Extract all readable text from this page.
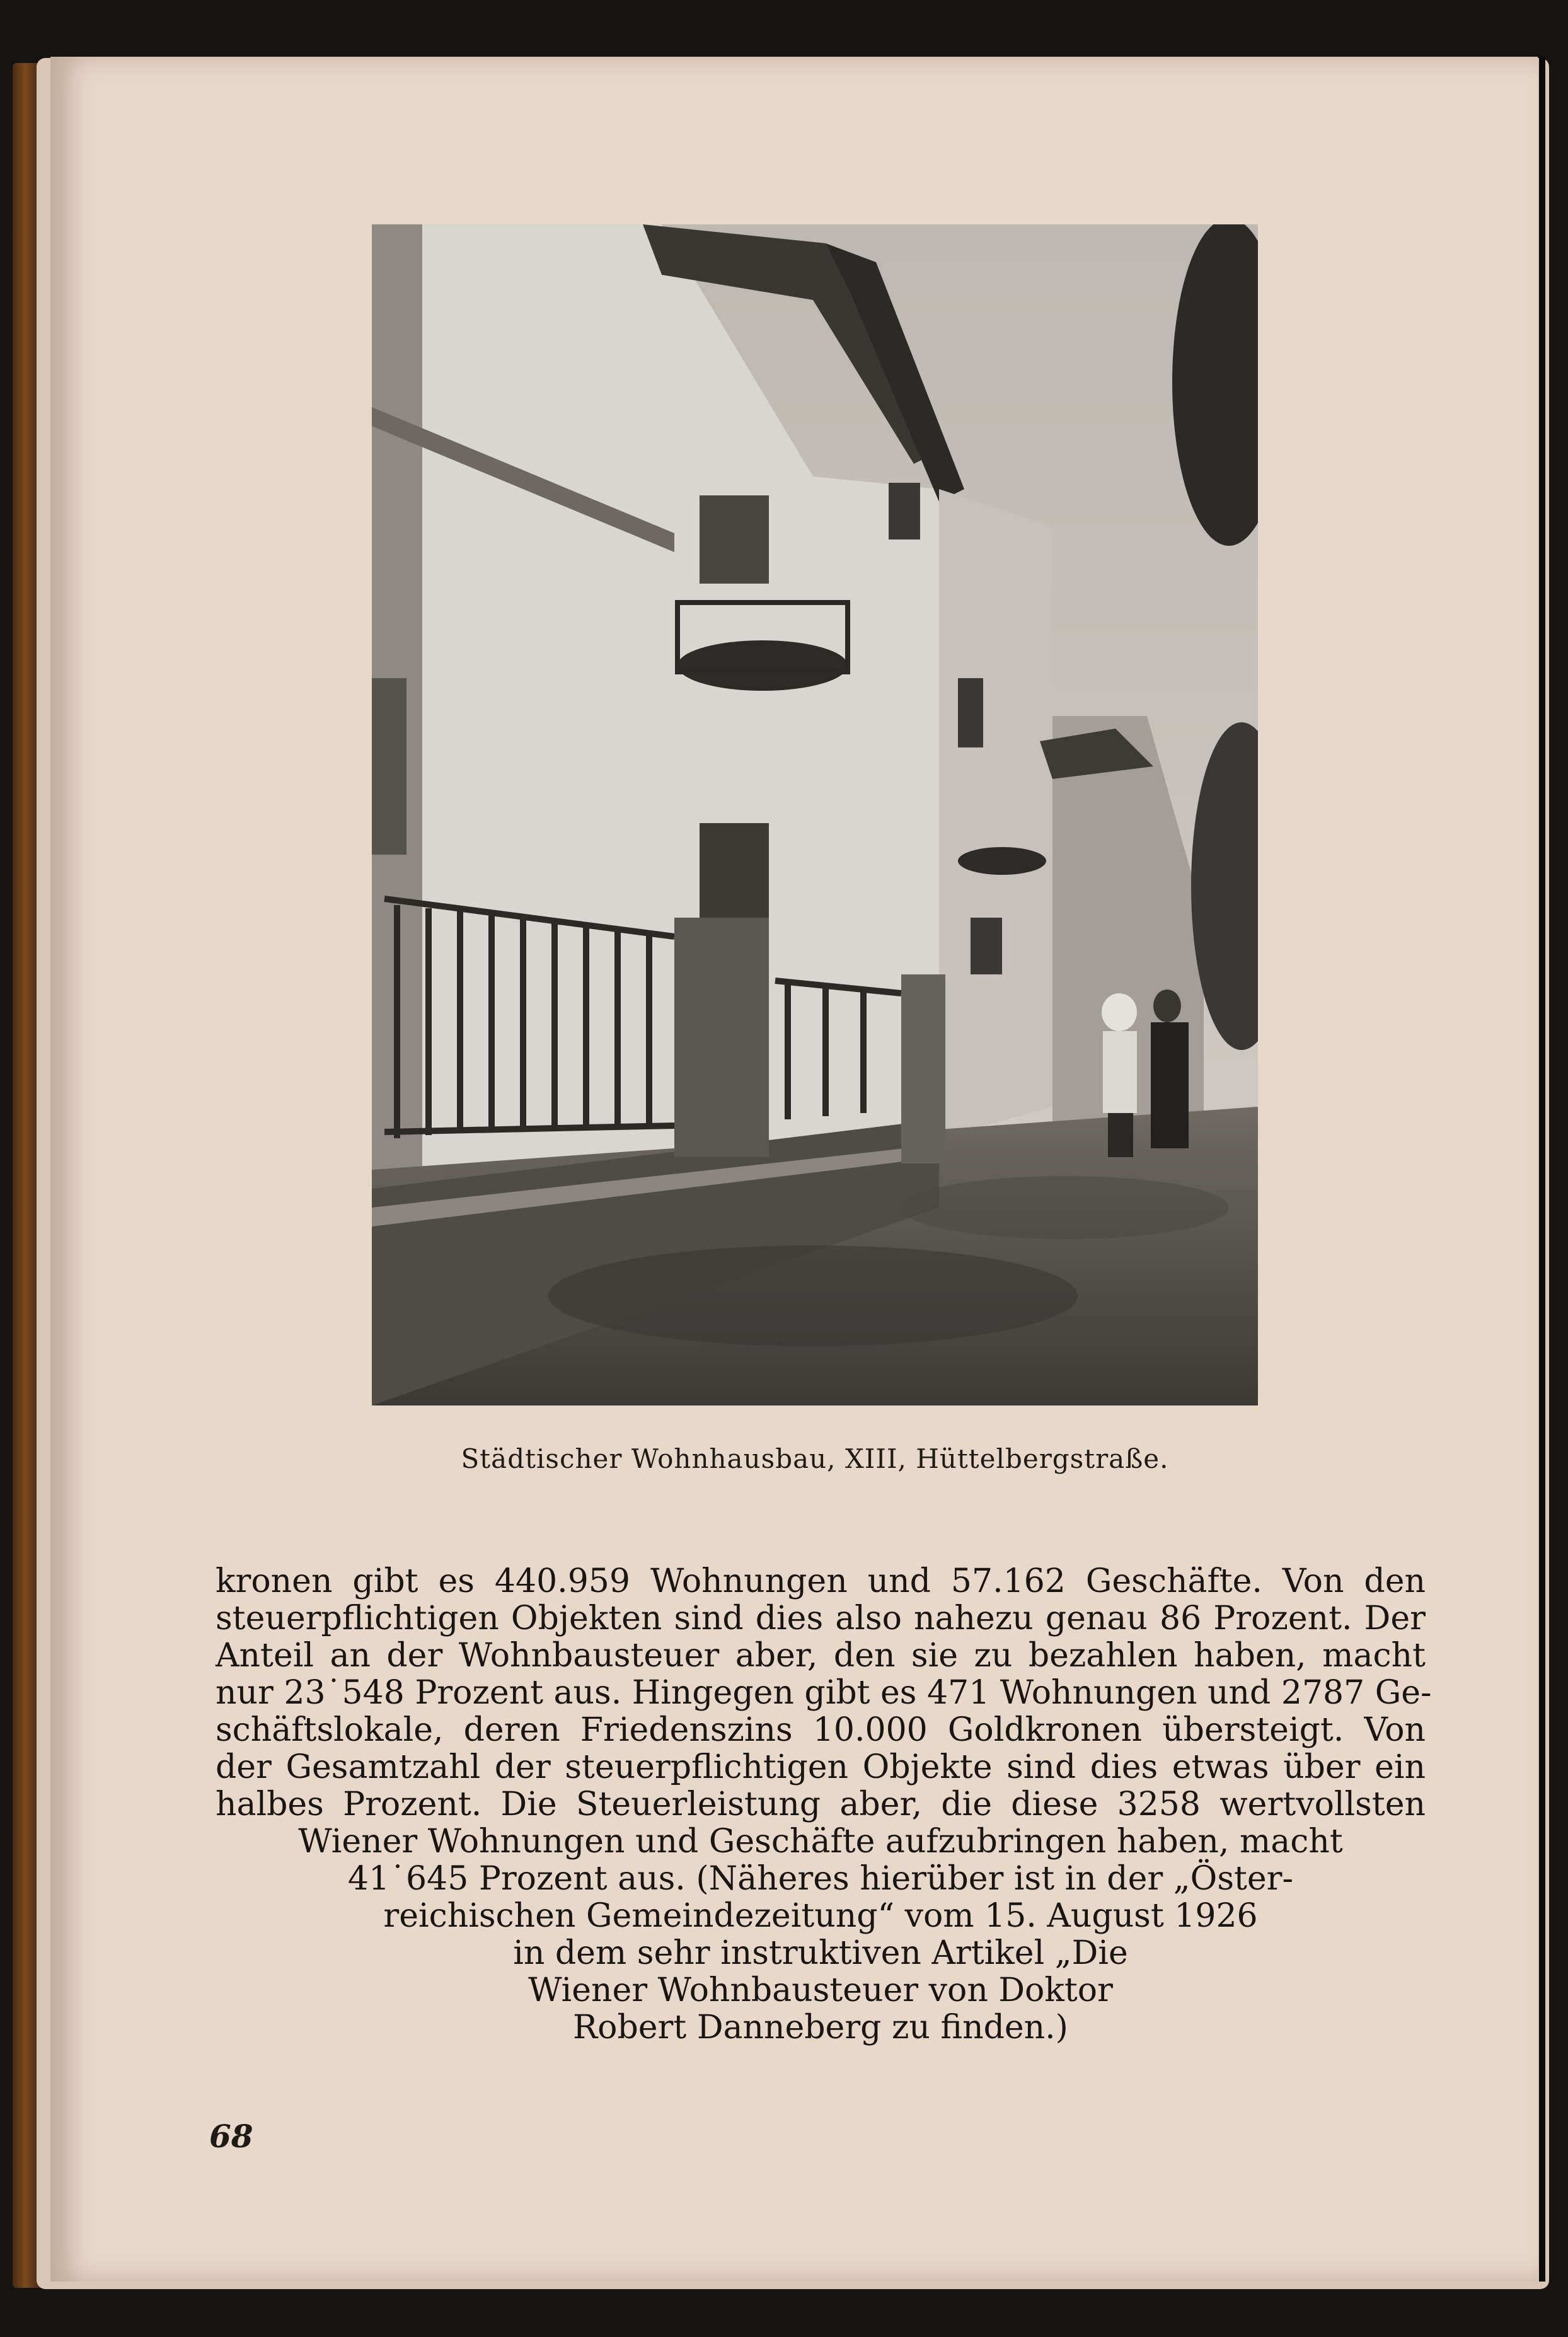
Städtischer Wohnhausbau, XIII, Hüttelbergstraße.
kronen gibt es 440.959 Wohnungen und 57.162 Geschäfte. Von den
steuerpflichtigen Objekten sind dies also nahezu genau 86 Prozent. Der
Anteil an der Wohnbausteuer aber, den sie zu bezahlen haben, macht
nur 23˙548 Prozent aus. Hingegen gibt es 471 Wohnungen und 2787 Ge-
schäftslokale, deren Friedenszins 10.000 Goldkronen übersteigt. Von
der Gesamtzahl der steuerpflichtigen Objekte sind dies etwas über ein
halbes Prozent. Die Steuerleistung aber, die diese 3258 wertvollsten
Wiener Wohnungen und Geschäfte aufzubringen haben, macht
41˙645 Prozent aus. (Näheres hierüber ist in der „Öster-
reichischen Gemeindezeitung“ vom 15. August 1926
in dem sehr instruktiven Artikel „Die
Wiener Wohnbausteuer von Doktor
Robert Danneberg zu finden.)
68
